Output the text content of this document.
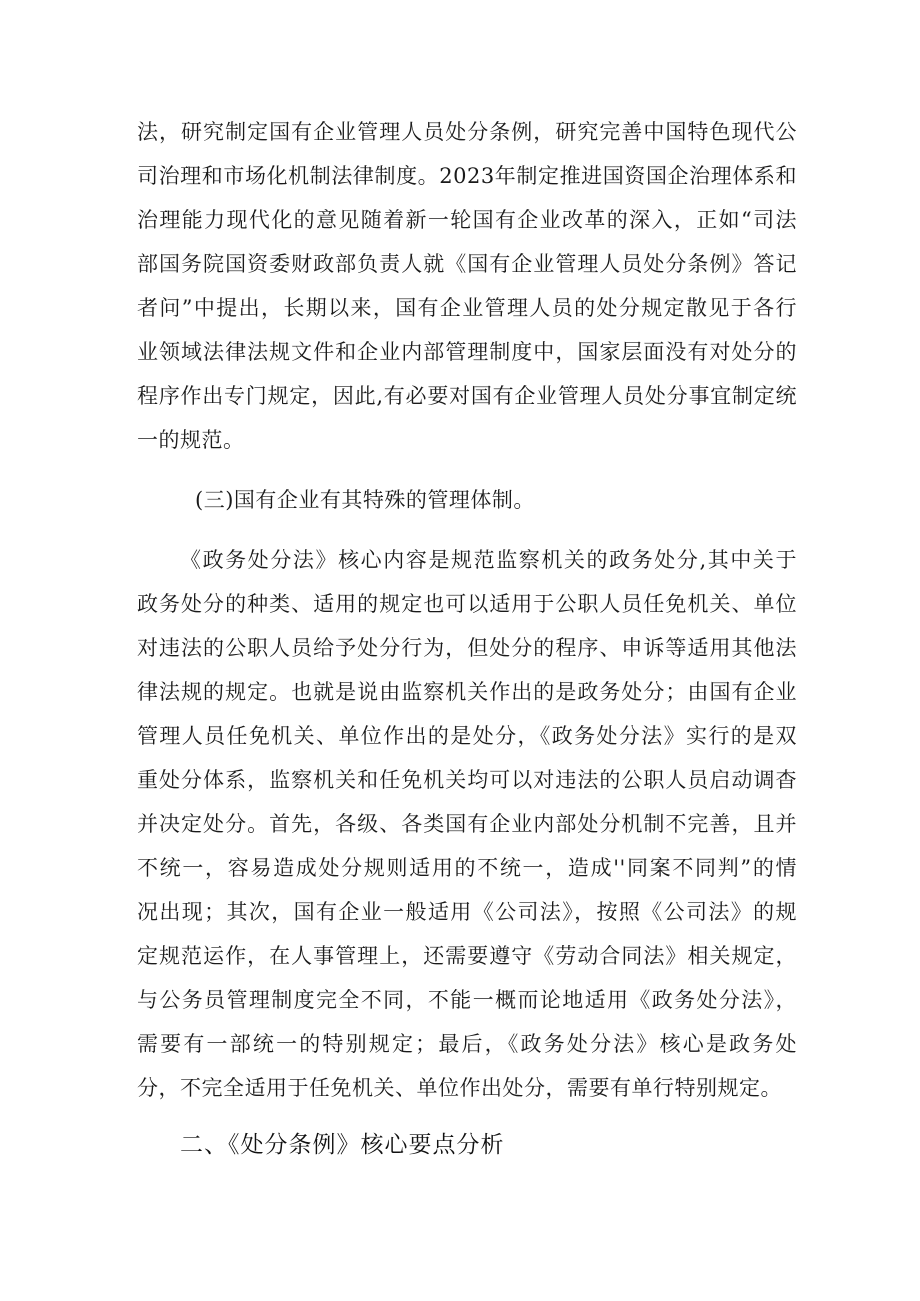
法，研究制定国有企业管理人员处分条例，研究完善中国特色现代公
司治理和市场化机制法律制度。2023年制定推进国资国企治理体系和
治理能力现代化的意见随着新一轮国有企业改革的深入，正如“司法
部国务院国资委财政部负责人就《国有企业管理人员处分条例》答记
者问”中提出，长期以来，国有企业管理人员的处分规定散见于各行
业领域法律法规文件和企业内部管理制度中，国家层面没有对处分的
程序作出专门规定，因此,有必要对国有企业管理人员处分事宜制定统
一的规范。
(三)国有企业有其特殊的管理体制。
《政务处分法》核心内容是规范监察机关的政务处分,其中关于
政务处分的种类、适用的规定也可以适用于公职人员任免机关、单位
对违法的公职人员给予处分行为，但处分的程序、申诉等适用其他法
律法规的规定。也就是说由监察机关作出的是政务处分；由国有企业
管理人员任免机关、单位作出的是处分，《政务处分法》实行的是双
重处分体系，监察机关和任免机关均可以对违法的公职人员启动调杳
并决定处分。首先，各级、各类国有企业内部处分机制不完善，且并
不统一，容易造成处分规则适用的不统一，造成''同案不同判”的情
况出现；其次，国有企业一般适用《公司法》，按照《公司法》的规
定规范运作，在人事管理上，还需要遵守《劳动合同法》相关规定，
与公务员管理制度完全不同，不能一概而论地适用《政务处分法》，
需要有一部统一的特别规定；最后，《政务处分法》核心是政务处
分，不完全适用于任免机关、单位作出处分，需要有单行特别规定。
二、《处分条例》核心要点分析
